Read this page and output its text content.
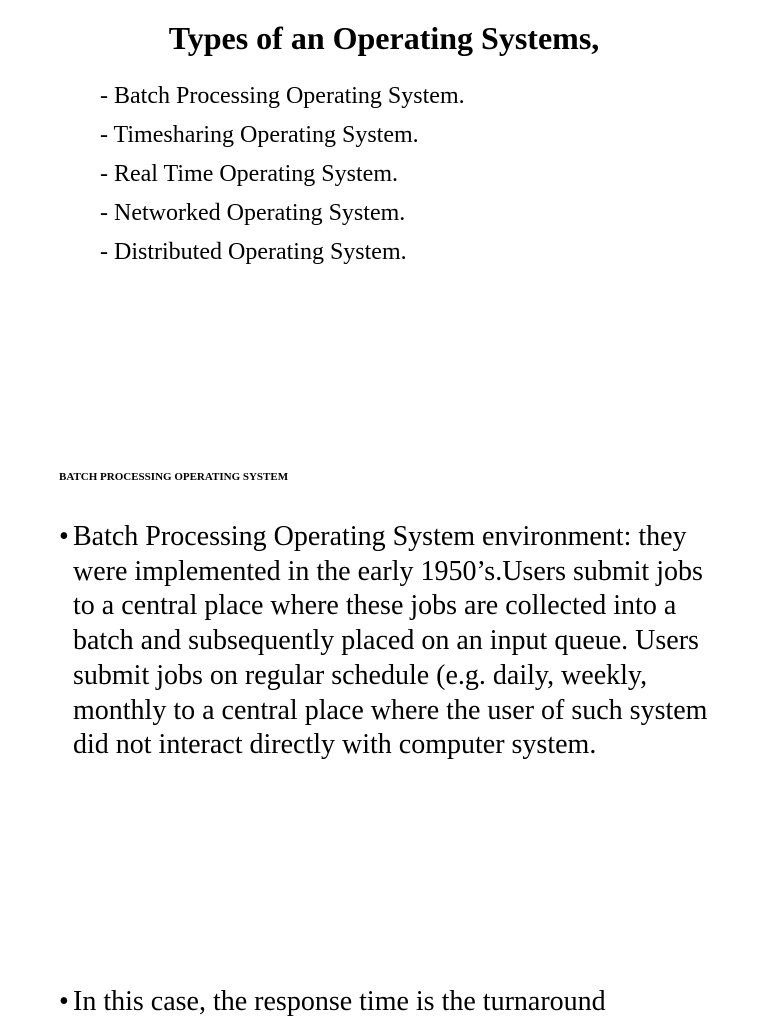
Types of an Operating Systems,
- Batch Processing Operating System.
- Timesharing Operating System.
- Real Time Operating System.
- Networked Operating System.
- Distributed Operating System.
BATCH PROCESSING OPERATING SYSTEM
• Batch Processing Operating System environment: they were implemented in the early 1950’s.Users submit jobs to a central place where these jobs are collected into a batch and subsequently placed on an input queue. Users submit jobs on regular schedule (e.g. daily, weekly, monthly to a central place where the user of such system did not interact directly with computer system.
• In this case, the response time is the turnaround
